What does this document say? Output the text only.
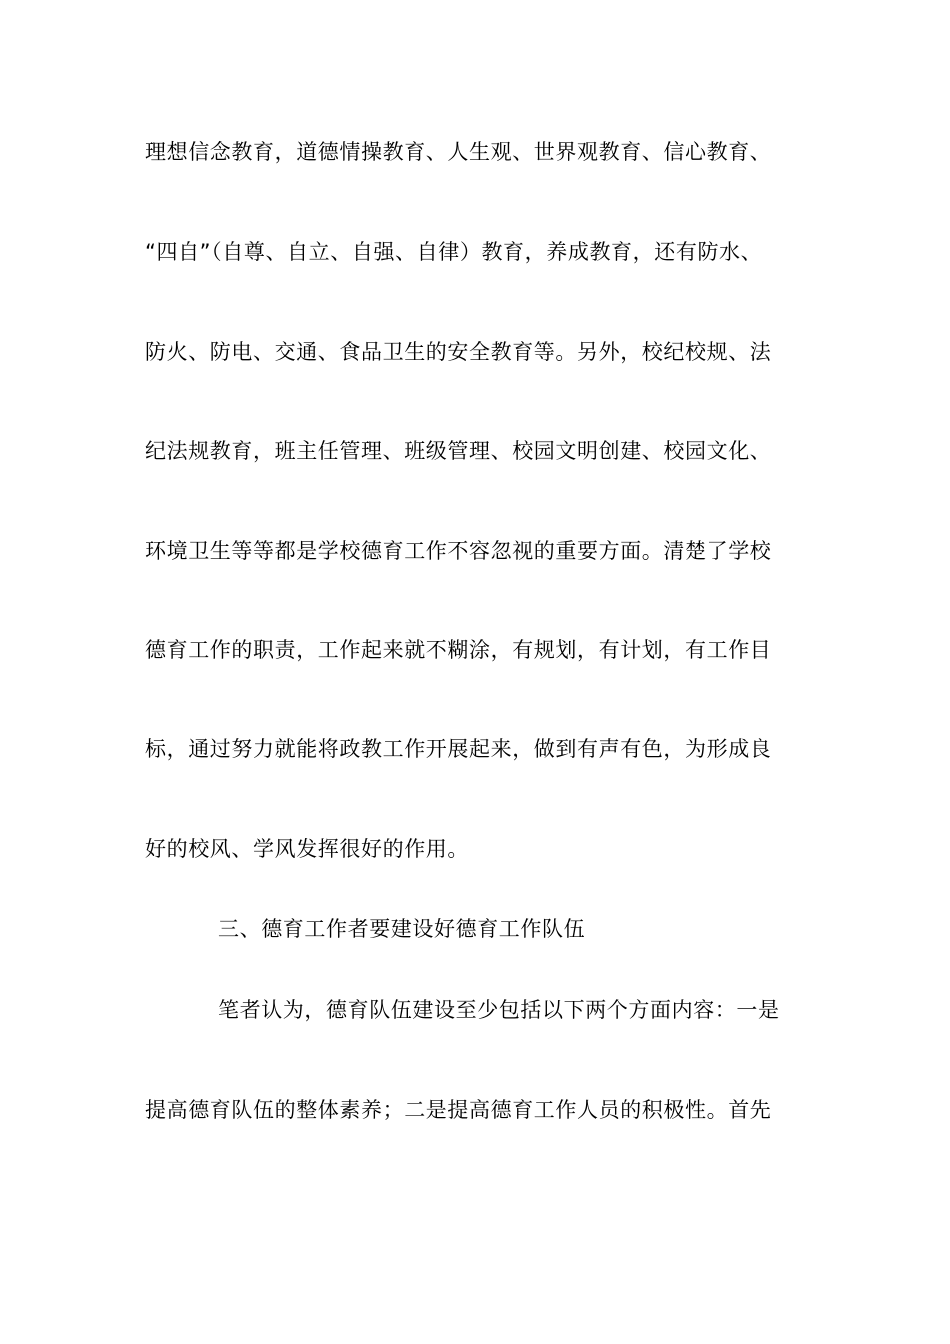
理想信念教育，道德情操教育、人生观、世界观教育、信心教育、
“四自”（自尊、自立、自强、自律）教育，养成教育，还有防水、
防火、防电、交通、食品卫生的安全教育等。另外，校纪校规、法
纪法规教育，班主任管理、班级管理、校园文明创建、校园文化、
环境卫生等等都是学校德育工作不容忽视的重要方面。清楚了学校
德育工作的职责，工作起来就不糊涂，有规划，有计划，有工作目
标，通过努力就能将政教工作开展起来，做到有声有色，为形成良
好的校风、学风发挥很好的作用。
三、德育工作者要建设好德育工作队伍
笔者认为，德育队伍建设至少包括以下两个方面内容：一是
提高德育队伍的整体素养；二是提高德育工作人员的积极性。首先
